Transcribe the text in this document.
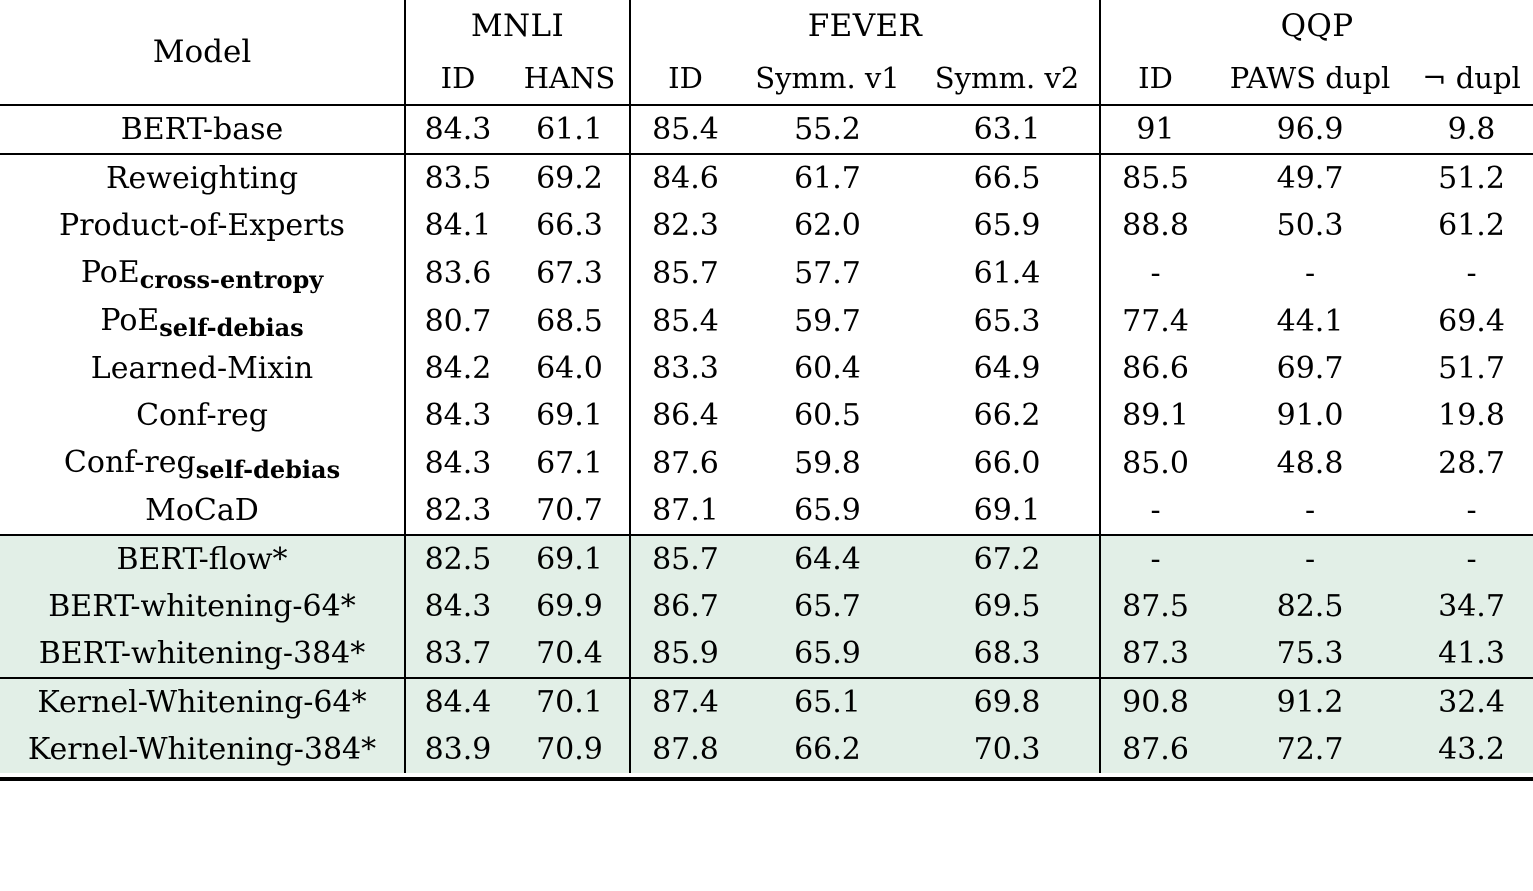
Model	MNLI		FEVER			QQP		
	ID	HANS	ID	Symm. v1	Symm. v2	ID	PAWS dupl	¬ dupl
BERT-base	84.3	61.1	85.4	55.2	63.1	91	96.9	9.8
Reweighting	83.5	69.2	84.6	61.7	66.5	85.5	49.7	51.2
Product-of-Experts	84.1	66.3	82.3	62.0	65.9	88.8	50.3	61.2
PoE$_{cross-entropy}$	83.6	67.3	85.7	57.7	61.4	-	-	-
PoE$_{self-debias}$	80.7	68.5	85.4	59.7	65.3	77.4	44.1	69.4
Learned-Mixin	84.2	64.0	83.3	60.4	64.9	86.6	69.7	51.7
Conf-reg	84.3	69.1	86.4	60.5	66.2	89.1	91.0	19.8
Conf-reg$_{self-debias}$	84.3	67.1	87.6	59.8	66.0	85.0	48.8	28.7
MoCaD	82.3	70.7	87.1	65.9	69.1	-	-	-
BERT-flow*	82.5	69.1	85.7	64.4	67.2	-	-	-
BERT-whitening-64*	84.3	69.9	86.7	65.7	69.5	87.5	82.5	34.7
BERT-whitening-384*	83.7	70.4	85.9	65.9	68.3	87.3	75.3	41.3
Kernel-Whitening-64*	84.4	70.1	87.4	65.1	69.8	90.8	91.2	32.4
Kernel-Whitening-384*	83.9	70.9	87.8	66.2	70.3	87.6	72.7	43.2
